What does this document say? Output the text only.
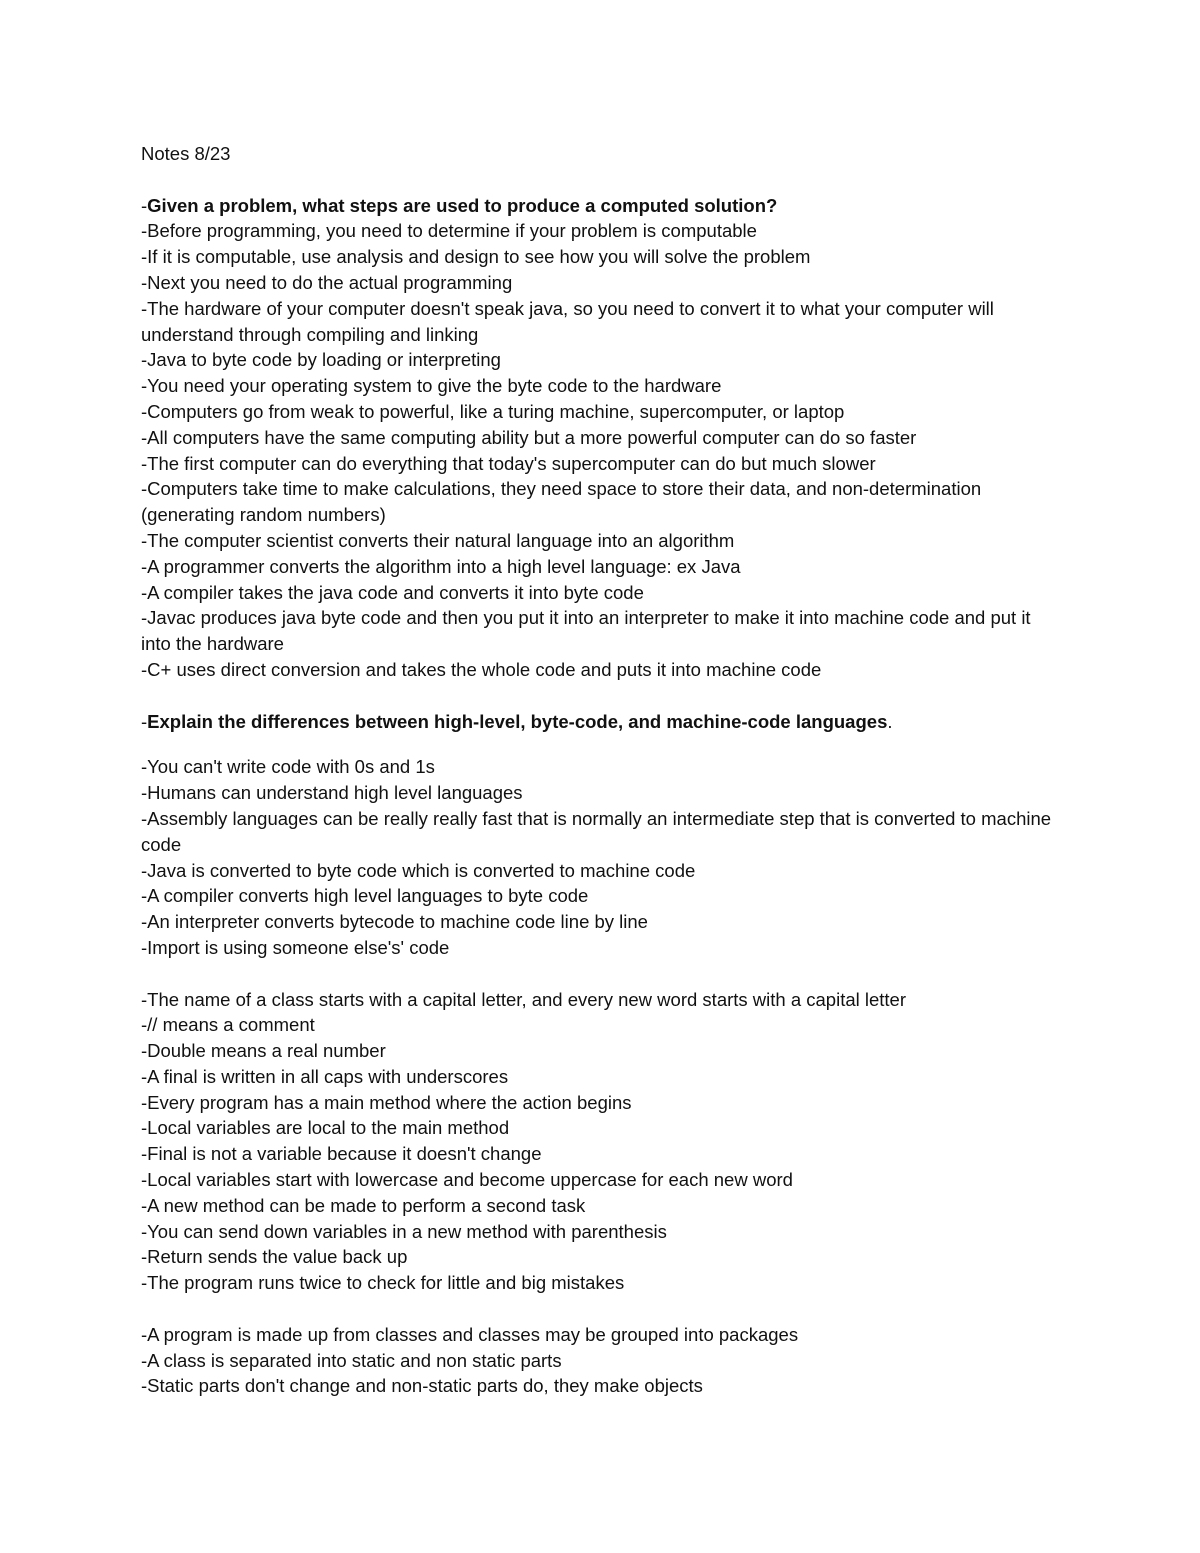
Notes 8/23

-Given a problem, what steps are used to produce a computed solution?

-Before programming, you need to determine if your problem is computable

-If it is computable, use analysis and design to see how you will solve the problem

-Next you need to do the actual programming

-The hardware of your computer doesn't speak java, so you need to convert it to what your computer will understand through compiling and linking

-Java to byte code by loading or interpreting

-You need your operating system to give the byte code to the hardware

-Computers go from weak to powerful, like a turing machine, supercomputer, or laptop

-All computers have the same computing ability but a more powerful computer can do so faster

-The first computer can do everything that today's supercomputer can do but much slower

-Computers take time to make calculations, they need space to store their data, and non-determination (generating random numbers)

-The computer scientist converts their natural language into an algorithm

-A programmer converts the algorithm into a high level language: ex Java

-A compiler takes the java code and converts it into byte code

-Javac produces java byte code and then you put it into an interpreter to make it into machine code and put it into the hardware

-C+ uses direct conversion and takes the whole code and puts it into machine code

-Explain the differences between high-level, byte-code, and machine-code languages.

-You can't write code with 0s and 1s

-Humans can understand high level languages

-Assembly languages can be really really fast that is normally an intermediate step that is converted to machine code

-Java is converted to byte code which is converted to machine code

-A compiler converts high level languages to byte code

-An interpreter converts bytecode to machine code line by line

-Import is using someone else's' code

-The name of a class starts with a capital letter, and every new word starts with a capital letter

-// means a comment

-Double means a real number

-A final is written in all caps with underscores

-Every program has a main method where the action begins

-Local variables are local to the main method

-Final is not a variable because it doesn't change

-Local variables start with lowercase and become uppercase for each new word

-A new method can be made to perform a second task

-You can send down variables in a new method with parenthesis

-Return sends the value back up

-The program runs twice to check for little and big mistakes

-A program is made up from classes and classes may be grouped into packages

-A class is separated into static and non static parts

-Static parts don't change and non-static parts do, they make objects
